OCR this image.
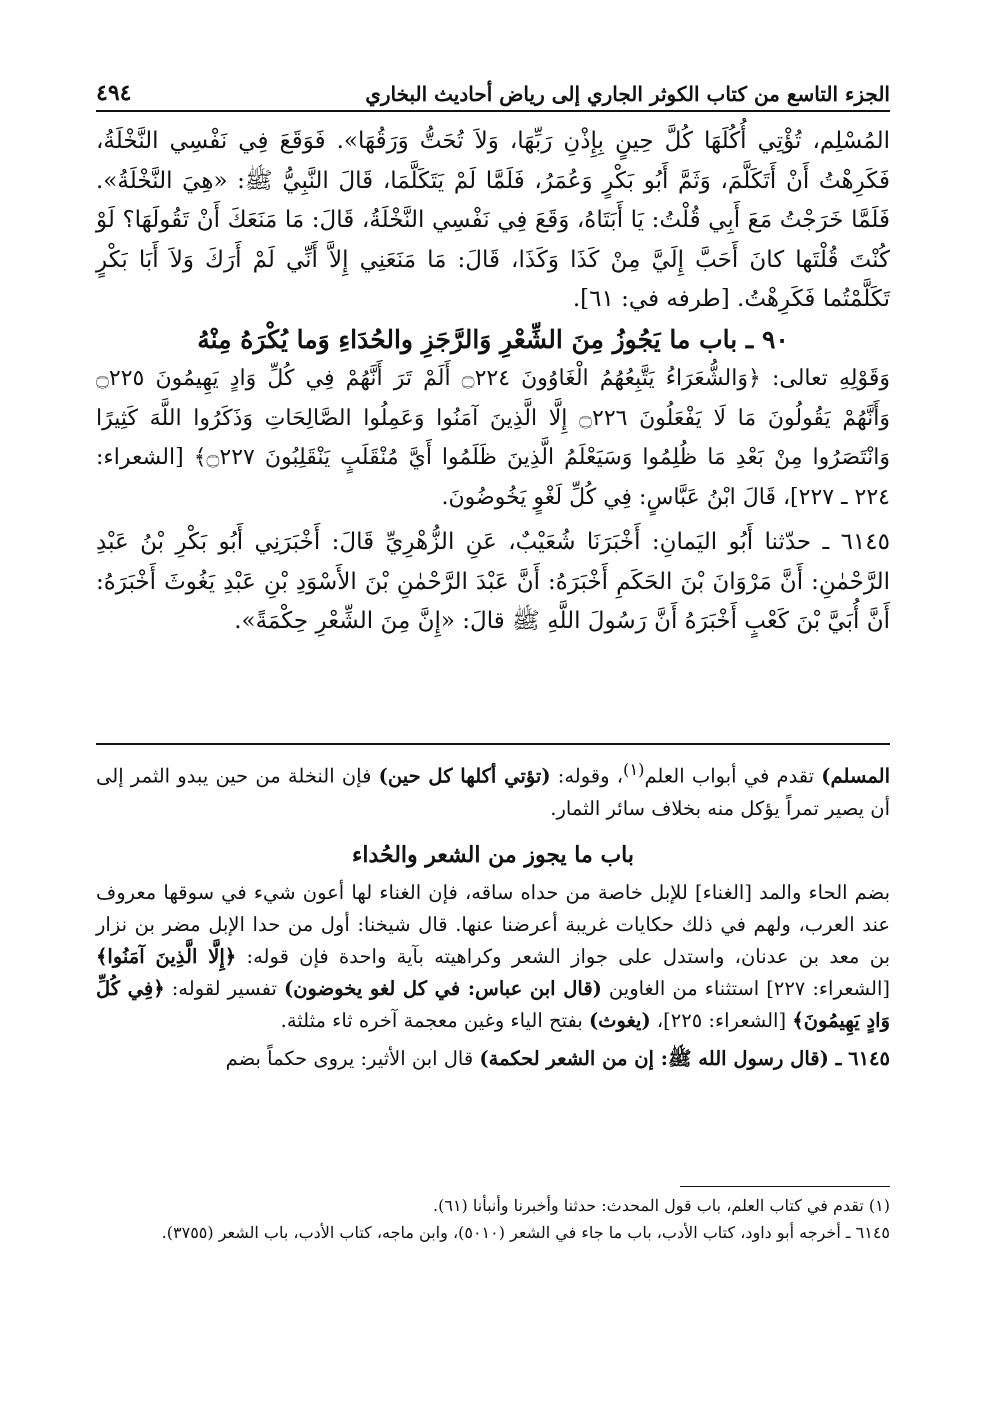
الجزء التاسع من كتاب الكوثر الجاري إلى رياض أحاديث البخاري
٤٩٤

المُسْلِم، تُؤْتِي أُكُلَهَا كُلَّ حِينٍ بِإِذْنِ رَبِّهَا، وَلاَ تُحَتُّ وَرَقُهَا». فَوَقَعَ فِي نَفْسِي النَّخْلَةُ، فَكَرِهْتُ أَنْ أَتَكَلَّمَ، وَثَمَّ أَبُو بَكْرٍ وَعُمَرُ، فَلَمَّا لَمْ يَتَكَلَّمَا، قَالَ النَّبِيُّ ﷺ: «هِيَ النَّخْلَةُ». فَلَمَّا خَرَجْتُ مَعَ أَبِي قُلْتُ: يَا أَبَتَاهُ، وَقَعَ فِي نَفْسِي النَّخْلَةُ، قَالَ: مَا مَنَعَكَ أَنْ تَقُولَهَا؟ لَوْ كُنْتَ قُلْتَها كانَ أَحَبَّ إِلَيَّ مِنْ كَذَا وَكَذَا، قَالَ: مَا مَنَعَنِي إِلاَّ أَنِّي لَمْ أَرَكَ وَلاَ أَبَا بَكْرٍ تَكَلَّمْتُما فَكَرِهْتُ. [طرفه في: ٦١].

٩٠ ـ باب ما يَجُوزُ مِنَ الشِّعْرِ وَالرَّجَزِ والحُدَاءِ وَما يُكْرَهُ مِنْهُ

وَقَوْلِهِ تعالى: ﴿وَالشُّعَرَاءُ يَتَّبِعُهُمُ الْغَاوُونَ ۝٢٢٤ أَلَمْ تَرَ أَنَّهُمْ فِي كُلِّ وَادٍ يَهِيمُونَ ۝٢٢٥ وَأَنَّهُمْ يَقُولُونَ مَا لَا يَفْعَلُونَ ۝٢٢٦ إِلَّا الَّذِينَ آمَنُوا وَعَمِلُوا الصَّالِحَاتِ وَذَكَرُوا اللَّهَ كَثِيرًا وَانْتَصَرُوا مِنْ بَعْدِ مَا ظُلِمُوا وَسَيَعْلَمُ الَّذِينَ ظَلَمُوا أَيَّ مُنْقَلَبٍ يَنْقَلِبُونَ ۝٢٢٧﴾ [الشعراء: ٢٢٤ ـ ٢٢٧]، قَالَ ابْنُ عَبَّاسٍ: فِي كُلِّ لَغْوٍ يَخُوضُونَ.

٦١٤٥ ـ حدّثنا أَبُو اليَمانِ: أَخْبَرَنَا شُعَيْبٌ، عَنِ الزُّهْرِيِّ قَالَ: أَخْبَرَنِي أَبُو بَكْرِ بْنُ عَبْدِ الرَّحْمٰنِ: أَنَّ مَرْوَانَ بْنَ الحَكَمِ أَخْبَرَهُ: أَنَّ عَبْدَ الرَّحْمٰنِ بْنَ الأَسْوَدِ بْنِ عَبْدِ يَغُوثَ أَخْبَرَهُ: أَنَّ أُبَيَّ بْنَ كَعْبٍ أَخْبَرَهُ أَنَّ رَسُولَ اللَّهِ ﷺ قالَ: «إِنَّ مِنَ الشِّعْرِ حِكْمَةً».

المسلم) تقدم في أبواب العلم$^{(١)}$، وقوله: (تؤتي أكلها كل حين) فإن النخلة من حين يبدو الثمر إلى أن يصير تمراً يؤكل منه بخلاف سائر الثمار.

باب ما يجوز من الشعر والحُداء

بضم الحاء والمد [الغناء] للإبل خاصة من حداه ساقه، فإن الغناء لها أعون شيء في سوقها معروف عند العرب، ولهم في ذلك حكايات غريبة أعرضنا عنها. قال شيخنا: أول من حدا الإبل مضر بن نزار بن معد بن عدنان، واستدل على جواز الشعر وكراهيته بآية واحدة فإن قوله: ﴿إِلَّا الَّذِينَ آمَنُوا﴾ [الشعراء: ٢٢٧] استثناء من الغاوين (قال ابن عباس: في كل لغو يخوضون) تفسير لقوله: ﴿فِي كُلِّ وَادٍ يَهِيمُونَ﴾ [الشعراء: ٢٢٥]، (يغوث) بفتح الياء وغين معجمة آخره ثاء مثلثة.

٦١٤٥ ـ (قال رسول الله ﷺ: إن من الشعر لحكمة) قال ابن الأثير: يروى حكماً بضم

(١) تقدم في كتاب العلم، باب قول المحدث: حدثنا وأخبرنا وأنبأنا (٦١).

٦١٤٥ ـ أخرجه أبو داود، كتاب الأدب، باب ما جاء في الشعر (٥٠١٠)، وابن ماجه، كتاب الأدب، باب الشعر (٣٧٥٥).
